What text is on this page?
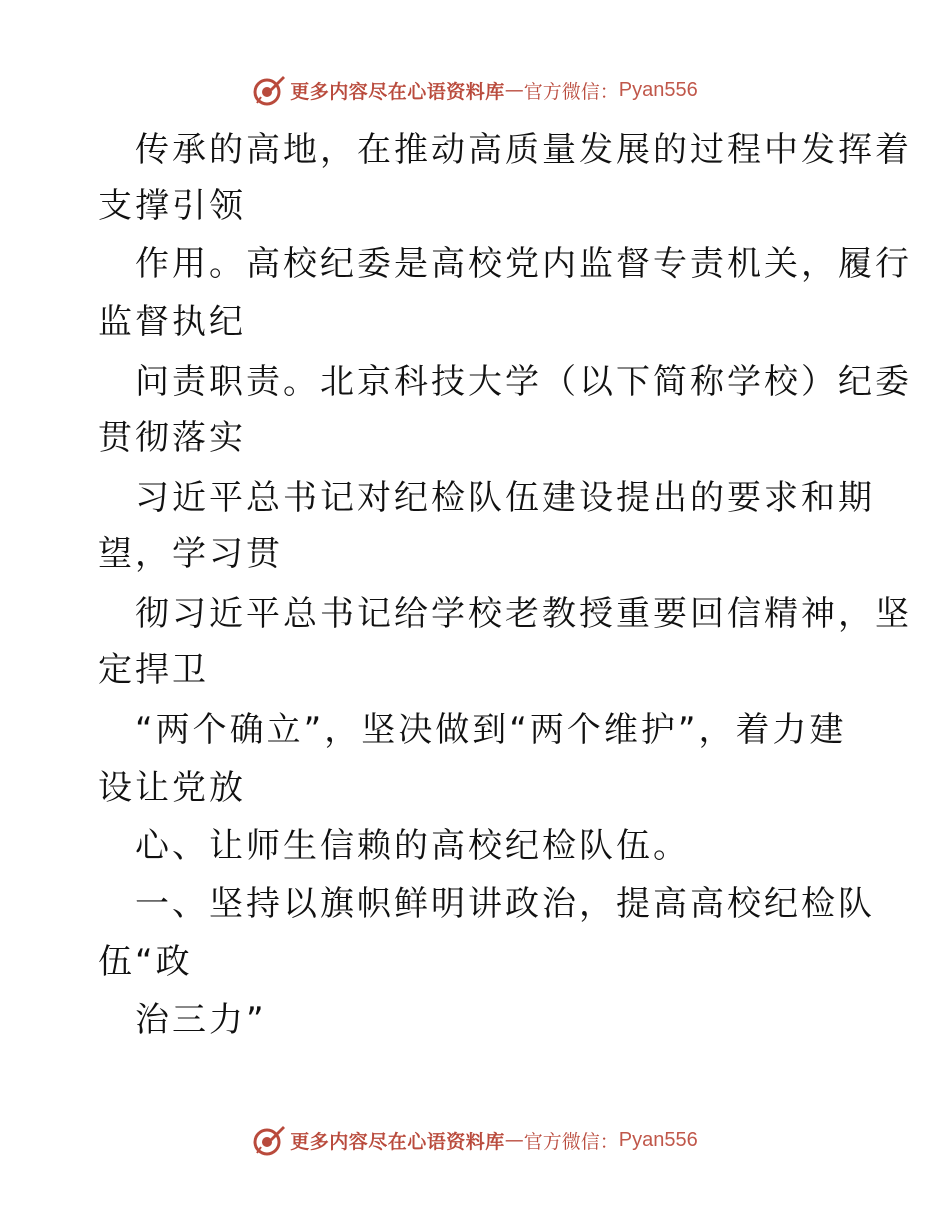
更多内容尽在心语资料库 — 官方微信： Pyan556
传承的高地，在推动高质量发展的过程中发挥着
支撑引领
作用。高校纪委是高校党内监督专责机关，履行
监督执纪
问责职责。北京科技大学（以下简称学校）纪委
贯彻落实
习近平总书记对纪检队伍建设提出的要求和期
望，学习贯
彻习近平总书记给学校老教授重要回信精神，坚
定捍卫
“两个确立”，坚决做到“两个维护”，着力建
设让党放
心、让师生信赖的高校纪检队伍。
一、坚持以旗帜鲜明讲政治，提高高校纪检队
伍“政
治三力”
更多内容尽在心语资料库 — 官方微信： Pyan556
